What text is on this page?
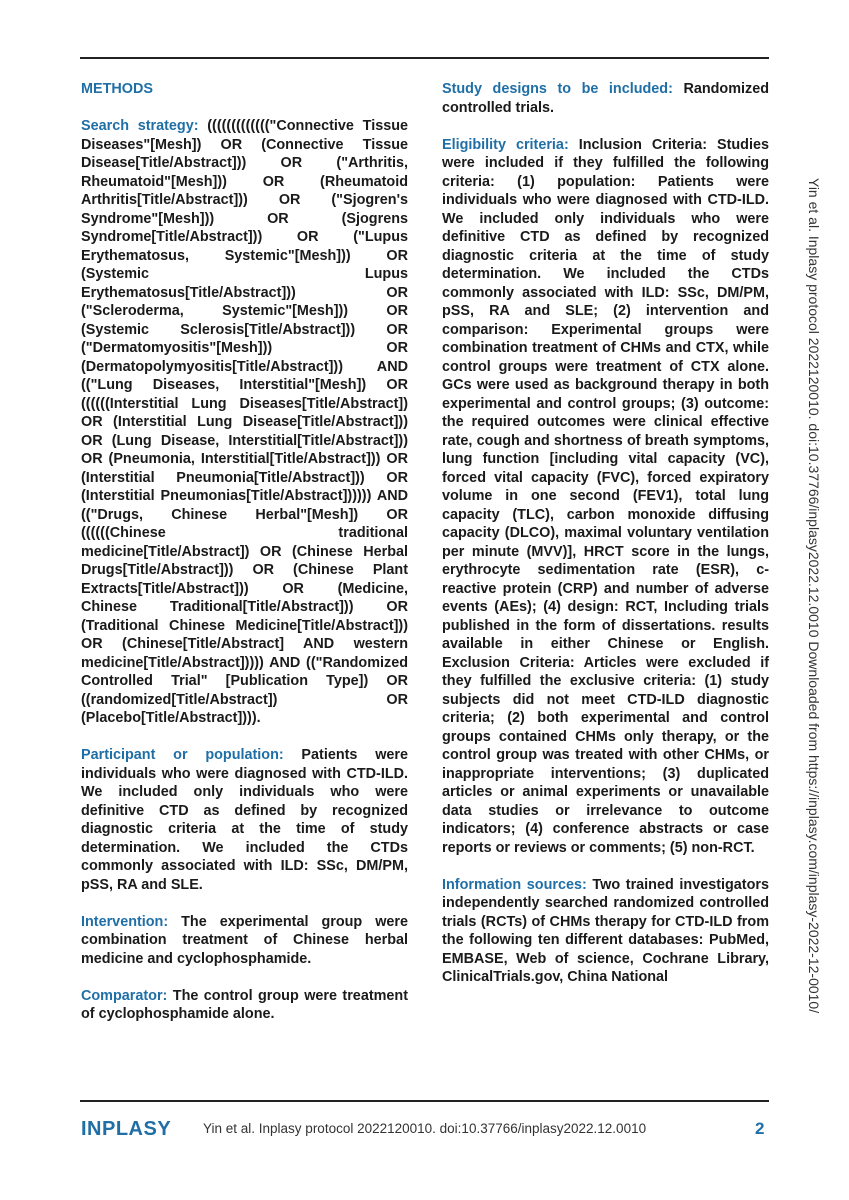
METHODS

Search strategy: ((((((((((((("Connective Tissue Diseases"[Mesh]) OR (Connective Tissue Disease[Title/Abstract])) OR ("Arthritis, Rheumatoid"[Mesh])) OR (Rheumatoid Arthritis[Title/Abstract])) OR ("Sjogren's Syndrome"[Mesh])) OR (Sjogrens Syndrome[Title/Abstract])) OR ("Lupus Erythematosus, Systemic"[Mesh])) OR (Systemic Lupus Erythematosus[Title/Abstract])) OR ("Scleroderma, Systemic"[Mesh])) OR (Systemic Sclerosis[Title/Abstract])) OR ("Dermatomyositis"[Mesh])) OR (Dermatopolymyositis[Title/Abstract])) AND (("Lung Diseases, Interstitial"[Mesh]) OR ((((((Interstitial Lung Diseases[Title/Abstract]) OR (Interstitial Lung Disease[Title/Abstract])) OR (Lung Disease, Interstitial[Title/Abstract])) OR (Pneumonia, Interstitial[Title/Abstract])) OR (Interstitial Pneumonia[Title/Abstract])) OR (Interstitial Pneumonias[Title/Abstract]))))) AND (("Drugs, Chinese Herbal"[Mesh]) OR ((((((Chinese traditional medicine[Title/Abstract]) OR (Chinese Herbal Drugs[Title/Abstract])) OR (Chinese Plant Extracts[Title/Abstract])) OR (Medicine, Chinese Traditional[Title/Abstract])) OR (Traditional Chinese Medicine[Title/Abstract])) OR (Chinese[Title/Abstract] AND western medicine[Title/Abstract])))) AND (("Randomized Controlled Trial" [Publication Type]) OR ((randomized[Title/Abstract]) OR (Placebo[Title/Abstract]))).

Participant or population: Patients were individuals who were diagnosed with CTD-ILD. We included only individuals who were definitive CTD as defined by recognized diagnostic criteria at the time of study determination. We included the CTDs commonly associated with ILD: SSc, DM/PM, pSS, RA and SLE.

Intervention: The experimental group were combination treatment of Chinese herbal medicine and cyclophosphamide.

Comparator: The control group were treatment of cyclophosphamide alone.

Study designs to be included: Randomized controlled trials.

Eligibility criteria: Inclusion Criteria: Studies were included if they fulfilled the following criteria: (1) population: Patients were individuals who were diagnosed with CTD-ILD. We included only individuals who were definitive CTD as defined by recognized diagnostic criteria at the time of study determination. We included the CTDs commonly associated with ILD: SSc, DM/PM, pSS, RA and SLE; (2) intervention and comparison: Experimental groups were combination treatment of CHMs and CTX, while control groups were treatment of CTX alone. GCs were used as background therapy in both experimental and control groups; (3) outcome: the required outcomes were clinical effective rate, cough and shortness of breath symptoms, lung function [including vital capacity (VC), forced vital capacity (FVC), forced expiratory volume in one second (FEV1), total lung capacity (TLC), carbon monoxide diffusing capacity (DLCO), maximal voluntary ventilation per minute (MVV)], HRCT score in the lungs, erythrocyte sedimentation rate (ESR), c-reactive protein (CRP) and number of adverse events (AEs); (4) design: RCT, Including trials published in the form of dissertations. results available in either Chinese or English. Exclusion Criteria: Articles were excluded if they fulfilled the exclusive criteria: (1) study subjects did not meet CTD-ILD diagnostic criteria; (2) both experimental and control groups contained CHMs only therapy, or the control group was treated with other CHMs, or inappropriate interventions; (3) duplicated articles or animal experiments or unavailable data studies or irrelevance to outcome indicators; (4) conference abstracts or case reports or reviews or comments; (5) non-RCT.

Information sources: Two trained investigators independently searched randomized controlled trials (RCTs) of CHMs therapy for CTD-ILD from the following ten different databases: PubMed, EMBASE, Web of science, Cochrane Library, ClinicalTrials.gov, China National	Yin et al. Inplasy protocol 2022120010. doi:10.37766/inplasy2022.12.0010 Downloaded from https://inplasy.com/inplasy-2022-12-0010/
INPLASY Yin et al. Inplasy protocol 2022120010. doi:10.37766/inplasy2022.12.0010	2
